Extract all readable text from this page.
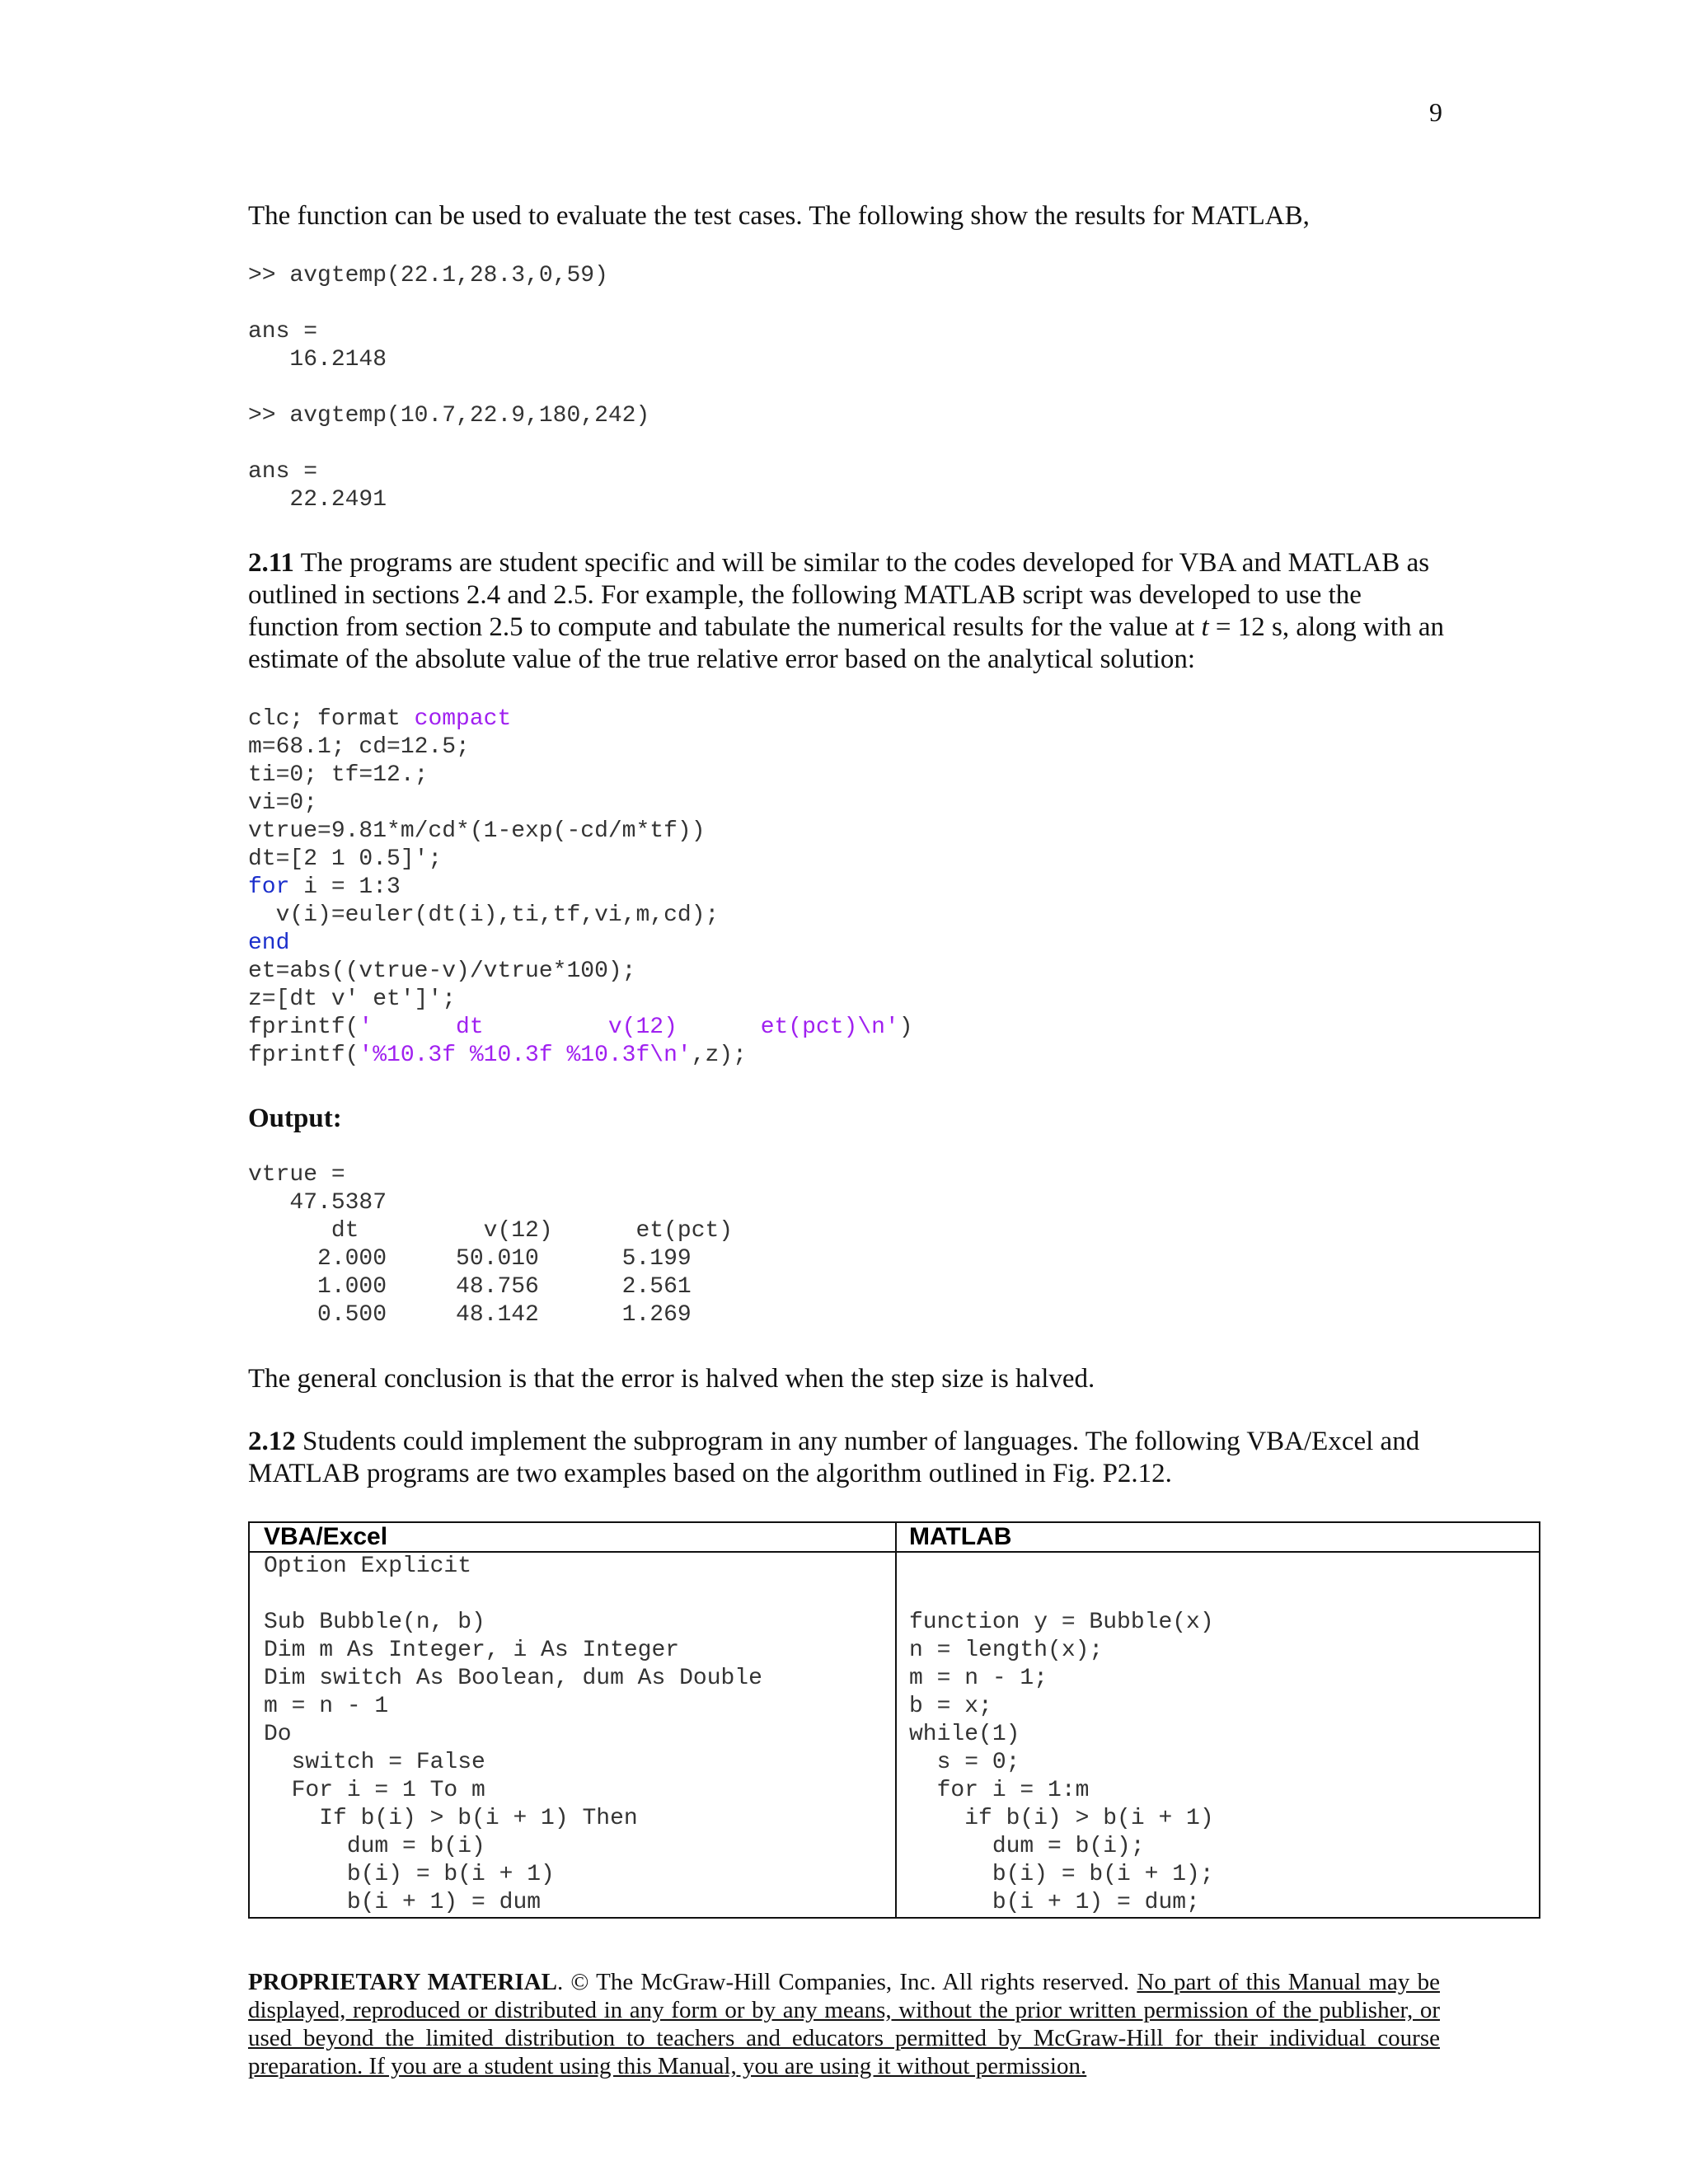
9
The function can be used to evaluate the test cases. The following show the results for MATLAB,
>> avgtemp(22.1,28.3,0,59)

ans =
16.2148

>> avgtemp(10.7,22.9,180,242)

ans =
22.2491
2.11 The programs are student specific and will be similar to the codes developed for VBA and MATLAB as outlined in sections 2.4 and 2.5. For example, the following MATLAB script was developed to use the function from section 2.5 to compute and tabulate the numerical results for the value at t = 12 s, along with an estimate of the absolute value of the true relative error based on the analytical solution:
clc; format compact
m=68.1; cd=12.5;
ti=0; tf=12.;
vi=0;
vtrue=9.81*m/cd*(1-exp(-cd/m*tf))
dt=[2 1 0.5]';
for i = 1:3
v(i)=euler(dt(i),ti,tf,vi,m,cd);
end
et=abs((vtrue-v)/vtrue*100);
z=[dt v' et']';
fprintf('      dt         v(12)      et(pct)\n')
fprintf('%10.3f %10.3f %10.3f\n',z);
Output:
vtrue =
47.5387
dt         v(12)      et(pct)
2.000     50.010      5.199
1.000     48.756      2.561
0.500     48.142      1.269
The general conclusion is that the error is halved when the step size is halved.
2.12 Students could implement the subprogram in any number of languages. The following VBA/Excel and MATLAB programs are two examples based on the algorithm outlined in Fig. P2.12.
VBA/Excel
Option Explicit

Sub Bubble(n, b)
Dim m As Integer, i As Integer
Dim switch As Boolean, dum As Double
m = n - 1
Do
switch = False
For i = 1 To m
If b(i) > b(i + 1) Then
dum = b(i)
b(i) = b(i + 1)
b(i + 1) = dum

MATLAB

function y = Bubble(x)
n = length(x);
m = n - 1;
b = x;
while(1)
s = 0;
for i = 1:m
if b(i) > b(i + 1)
dum = b(i);
b(i) = b(i + 1);
b(i + 1) = dum;

PROPRIETARY MATERIAL. © The McGraw-Hill Companies, Inc. All rights reserved. No part of this Manual may be displayed, reproduced or distributed in any form or by any means, without the prior written permission of the publisher, or used beyond the limited distribution to teachers and educators permitted by McGraw-Hill for their individual course preparation. If you are a student using this Manual, you are using it without permission.
